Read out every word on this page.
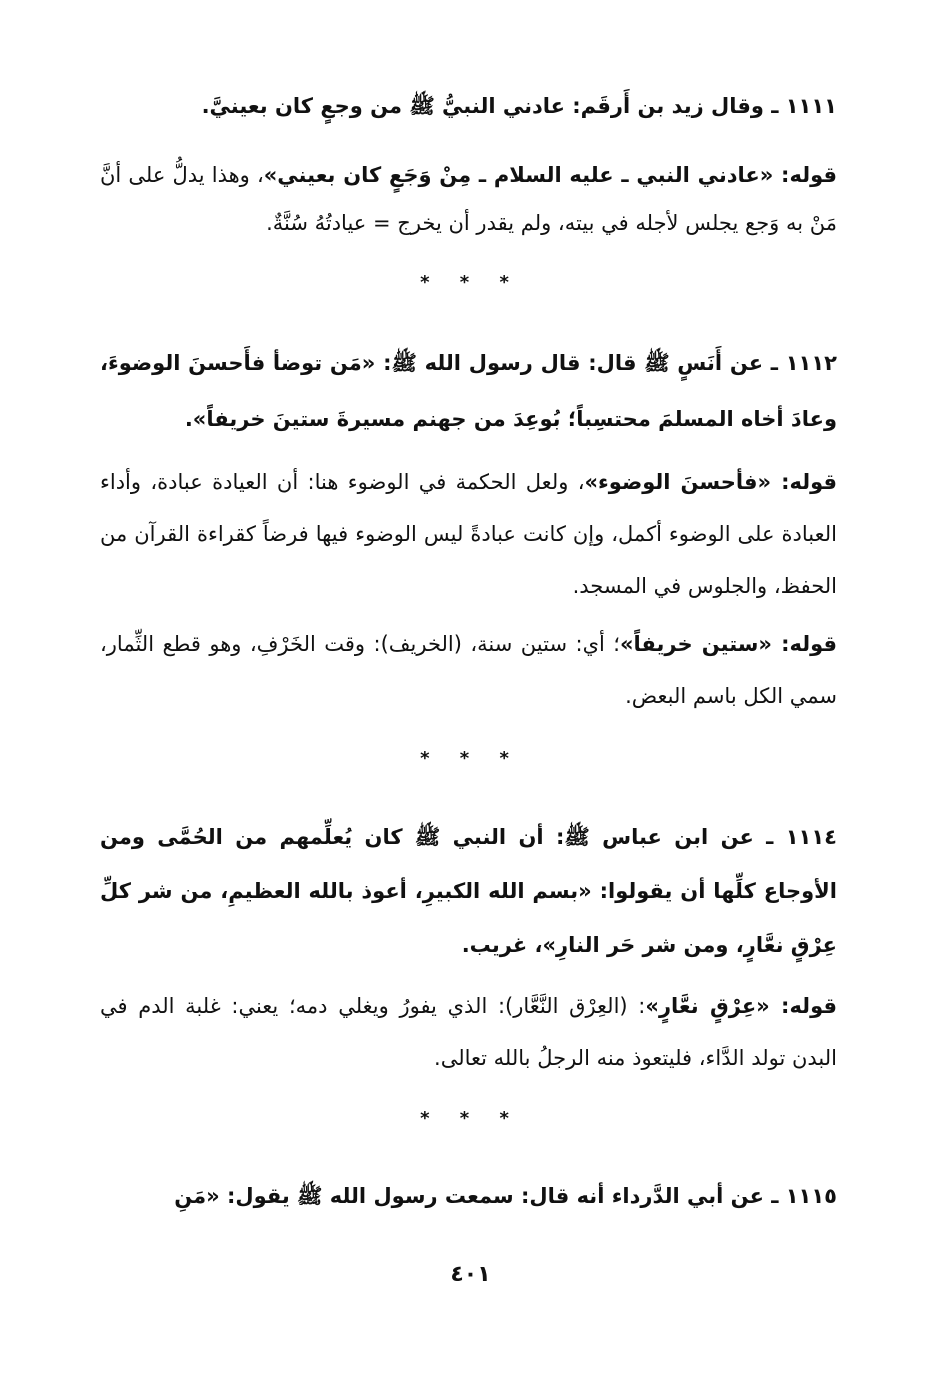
١١١١ ـ وقال زيد بن أَرقَم: عادني النبيُّ ﷺ من وجعٍ كان بعينيَّ.
قوله: «عادني النبي ـ عليه السلام ـ مِنْ وَجَعٍ كان بعيني»، وهذا يدلُّ على أنَّ مَنْ به وَجع يجلس لأجله في بيته، ولم يقدر أن يخرج = عيادتُهُ سُنَّةٌ.
* * *
١١١٢ ـ عن أَنَسٍ ﷺ قال: قال رسول الله ﷺ: «مَن توضأ فأَحسنَ الوضوءَ، وعادَ أخاه المسلمَ محتسِباً؛ بُوعِدَ من جهنم مسيرةَ ستينَ خريفاً».
قوله: «فأحسنَ الوضوء»، ولعل الحكمة في الوضوء هنا: أن العيادة عبادة، وأداء العبادة على الوضوء أكمل، وإن كانت عبادةً ليس الوضوء فيها فرضاً كقراءة القرآن من الحفظ، والجلوس في المسجد.
قوله: «ستين خريفاً»؛ أي: ستين سنة، (الخريف): وقت الخَرْفِ، وهو قطع الثِّمار، سمي الكل باسم البعض.
* * *
١١١٤ ـ عن ابن عباس ﷺ: أن النبي ﷺ كان يُعلِّمهم من الحُمَّى ومن الأوجاع كلِّها أن يقولوا: «بسم الله الكبيرِ، أعوذ بالله العظيمِ، من شر كلِّ عِرْقٍ نعَّارٍ، ومن شر حَر النارِ»، غريب.
قوله: «عِرْقٍ نعَّارٍ»: (العِرْق النَّعَّار): الذي يفورُ ويغلي دمه؛ يعني: غلبة الدم في البدن تولد الدَّاء، فليتعوذ منه الرجلُ بالله تعالى.
* * *
١١١٥ ـ عن أبي الدَّرداء أنه قال: سمعت رسول الله ﷺ يقول: «مَنِ
٤٠١
